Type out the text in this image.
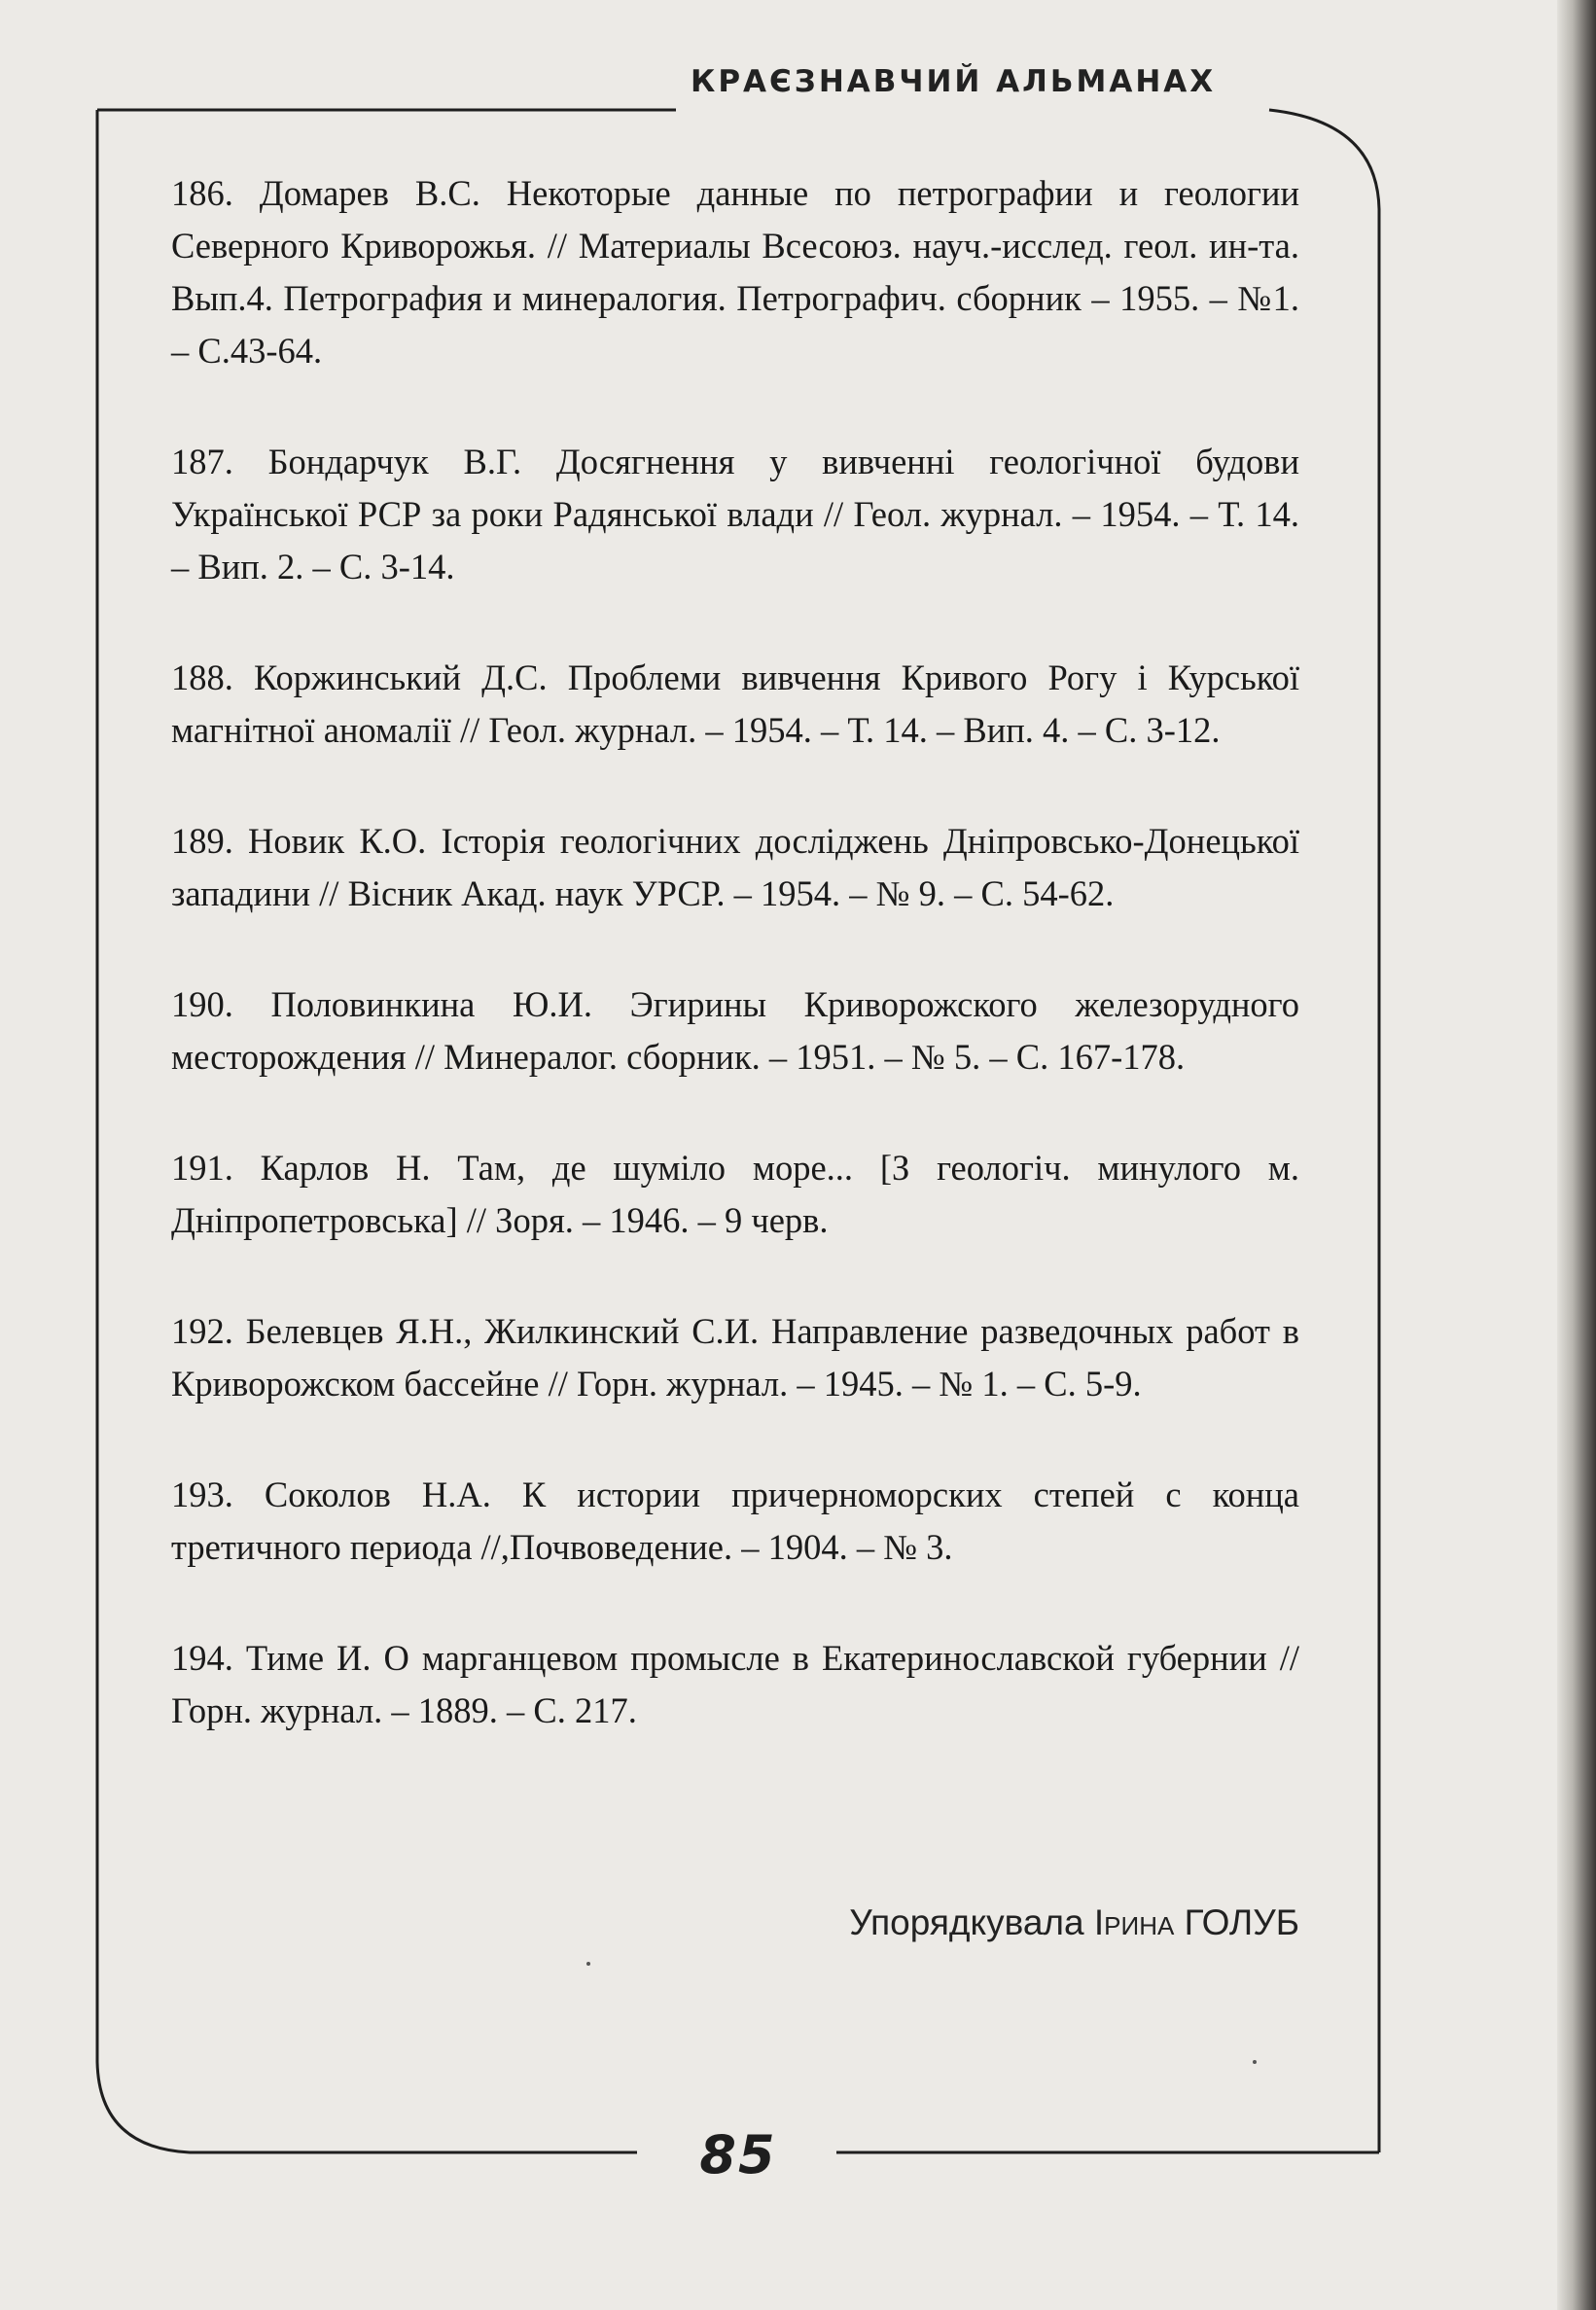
КРАЄЗНАВЧИЙ АЛЬМАНАХ

186. Домарев В.С. Некоторые данные по петрографии и геологии Северного Криворожья. // Материалы Всесоюз. науч.-исслед. геол. ин-та. Вып.4. Петрография и минералогия. Петрографич. сборник – 1955. – №1. – С.43-64.

187. Бондарчук В.Г. Досягнення у вивченні геологічної будови Української РСР за роки Радянської влади // Геол. журнал. – 1954. – Т. 14. – Вип. 2. – С. 3-14.

188. Коржинський Д.С. Проблеми вивчення Кривого Рогу і Курської магнітної аномалії // Геол. журнал. – 1954. – Т. 14. – Вип. 4. – С. 3-12.

189. Новик К.О. Історія геологічних досліджень Дніпровсько-Донецької западини // Вісник Акад. наук УРСР. – 1954. – № 9. – С. 54-62.

190. Половинкина Ю.И. Эгирины Криворожского железорудного месторождения // Минералог. сборник. – 1951. – № 5. – С. 167-178.

191. Карлов Н. Там, де шуміло море... [З геологіч. минулого м. Дніпропетровська] // Зоря. – 1946. – 9 черв.

192. Белевцев Я.Н., Жилкинский С.И. Направление разведочных работ в Криворожском бассейне // Горн. журнал. – 1945. – № 1. – С. 5-9.

193. Соколов Н.А. К истории причерноморских степей с конца третичного периода //,Почвоведение. – 1904. – № 3.

194. Тиме И. О марганцевом промысле в Екатеринославской губернии // Горн. журнал. – 1889. – С. 217.

Упорядкувала Ірина ГОЛУБ
85
